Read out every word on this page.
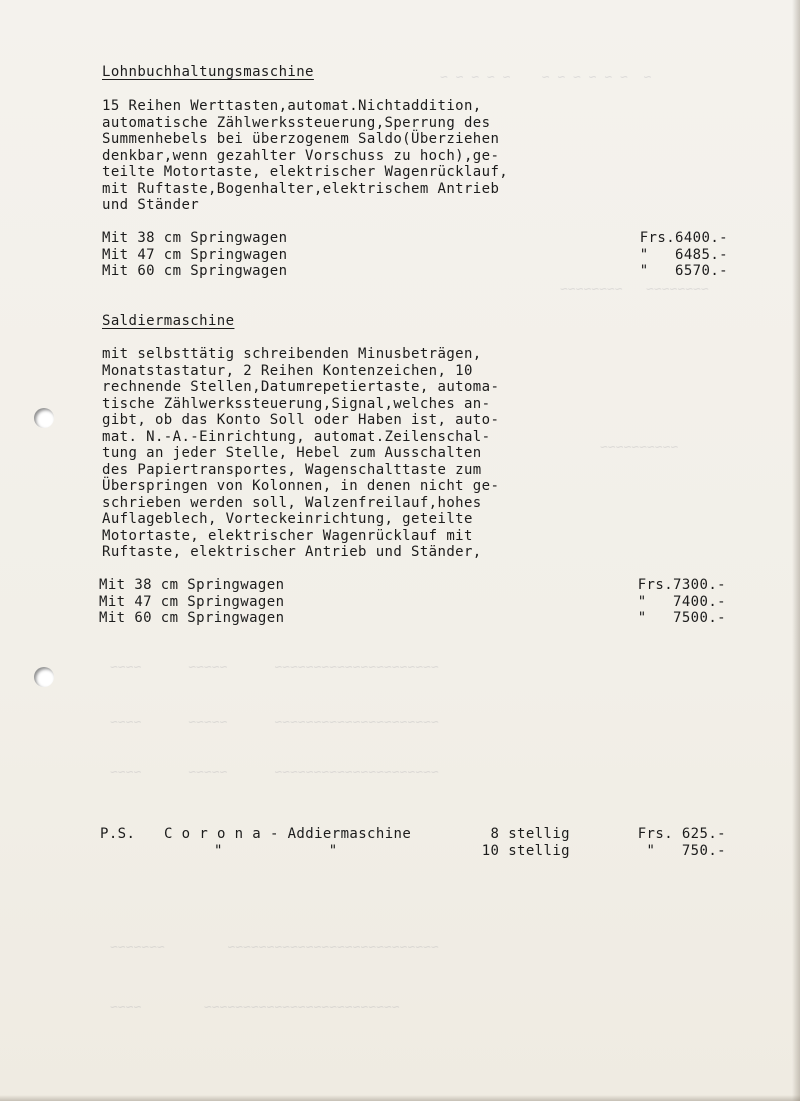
~  ~ ~ ~ ~ ~ ~    ~ ~ ~ ~ ~
~~~~~~~~   ~~~~~~~~
~~~~~~~~~~
~~~~~~~~~~~~~~~~~~~~~      ~~~~~      ~~~~
~~~~~~~~~~~~~~~~~~~~~      ~~~~~      ~~~~
~~~~~~~~~~~~~~~~~~~~~      ~~~~~      ~~~~
~~~~~~~~~~~~~~~~~~~~~~~~~~~        ~~~~~~~
~~~~~~~~~~~~~~~~~~~~~~~~~        ~~~~
Lohnbuchhaltungsmaschine
15 Reihen Werttasten,automat.Nichtaddition,
automatische Zählwerkssteuerung,Sperrung des
Summenhebels bei überzogenem Saldo(Überziehen
denkbar,wenn gezahlter Vorschuss zu hoch),ge-
teilte Motortaste, elektrischer Wagenrücklauf,
mit Ruftaste,Bogenhalter,elektrischem Antrieb
und Ständer
Mit 38 cm Springwagen
Mit 47 cm Springwagen
Mit 60 cm Springwagen
Frs.6400.-
"   6485.-
"   6570.-
Saldiermaschine
mit selbsttätig schreibenden Minusbeträgen,
Monatstastatur, 2 Reihen Kontenzeichen, 10
rechnende Stellen,Datumrepetiertaste, automa-
tische Zählwerkssteuerung,Signal,welches an-
gibt, ob das Konto Soll oder Haben ist, auto-
mat. N.-A.-Einrichtung, automat.Zeilenschal-
tung an jeder Stelle, Hebel zum Ausschalten
des Papiertransportes, Wagenschalttaste zum
Überspringen von Kolonnen, in denen nicht ge-
schrieben werden soll, Walzenfreilauf,hohes
Auflageblech, Vortеckeinrichtung, geteilte
Motortaste, elektrischer Wagenrücklauf mit
Ruftaste, elektrischer Antrieb und Ständer,
Mit 38 cm Springwagen
Mit 47 cm Springwagen
Mit 60 cm Springwagen
Frs.7300.-
"   7400.-
"   7500.-
P.S. C o r o n a - Addiermaschine
"            "
8 stellig
10 stellig
Frs. 625.-
"   750.-
